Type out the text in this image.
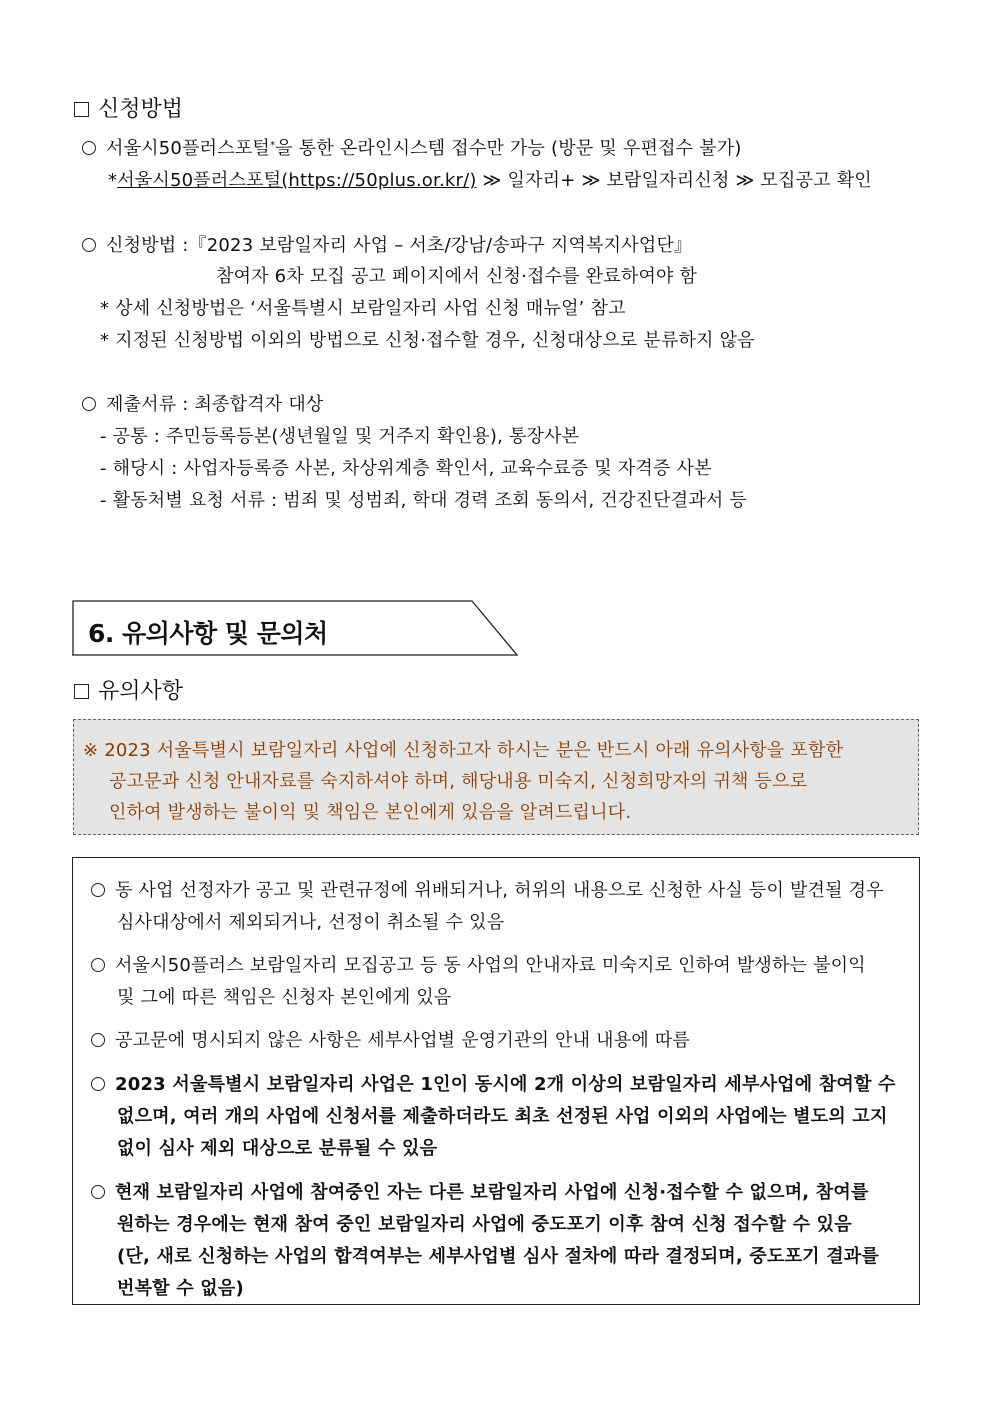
신청방법
서울시50플러스포털*을 통한 온라인시스템 접수만 가능 (방문 및 우편접수 불가)
*서울시50플러스포털(https://50plus.or.kr/) ≫ 일자리+ ≫ 보람일자리신청 ≫ 모집공고 확인
신청방법 :『2023 보람일자리 사업 – 서초/강남/송파구 지역복지사업단』
참여자 6차 모집 공고 페이지에서 신청·접수를 완료하여야 함
* 상세 신청방법은 ‘서울특별시 보람일자리 사업 신청 매뉴얼’ 참고
* 지정된 신청방법 이외의 방법으로 신청·접수할 경우, 신청대상으로 분류하지 않음
제출서류 : 최종합격자 대상
- 공통 : 주민등록등본(생년월일 및 거주지 확인용), 통장사본
- 해당시 : 사업자등록증 사본, 차상위계층 확인서, 교육수료증 및 자격증 사본
- 활동처별 요청 서류 : 범죄 및 성범죄, 학대 경력 조회 동의서, 건강진단결과서 등
6. 유의사항 및 문의처
유의사항
※ 2023 서울특별시 보람일자리 사업에 신청하고자 하시는 분은 반드시 아래 유의사항을 포함한
공고문과 신청 안내자료를 숙지하셔야 하며, 해당내용 미숙지, 신청희망자의 귀책 등으로
인하여 발생하는 불이익 및 책임은 본인에게 있음을 알려드립니다.
동 사업 선정자가 공고 및 관련규정에 위배되거나, 허위의 내용으로 신청한 사실 등이 발견될 경우
심사대상에서 제외되거나, 선정이 취소될 수 있음
서울시50플러스 보람일자리 모집공고 등 동 사업의 안내자료 미숙지로 인하여 발생하는 불이익
및 그에 따른 책임은 신청자 본인에게 있음
공고문에 명시되지 않은 사항은 세부사업별 운영기관의 안내 내용에 따름
2023 서울특별시 보람일자리 사업은 1인이 동시에 2개 이상의 보람일자리 세부사업에 참여할 수
없으며, 여러 개의 사업에 신청서를 제출하더라도 최초 선정된 사업 이외의 사업에는 별도의 고지
없이 심사 제외 대상으로 분류될 수 있음
현재 보람일자리 사업에 참여중인 자는 다른 보람일자리 사업에 신청·접수할 수 없으며, 참여를
원하는 경우에는 현재 참여 중인 보람일자리 사업에 중도포기 이후 참여 신청 접수할 수 있음
(단, 새로 신청하는 사업의 합격여부는 세부사업별 심사 절차에 따라 결정되며, 중도포기 결과를
번복할 수 없음)
